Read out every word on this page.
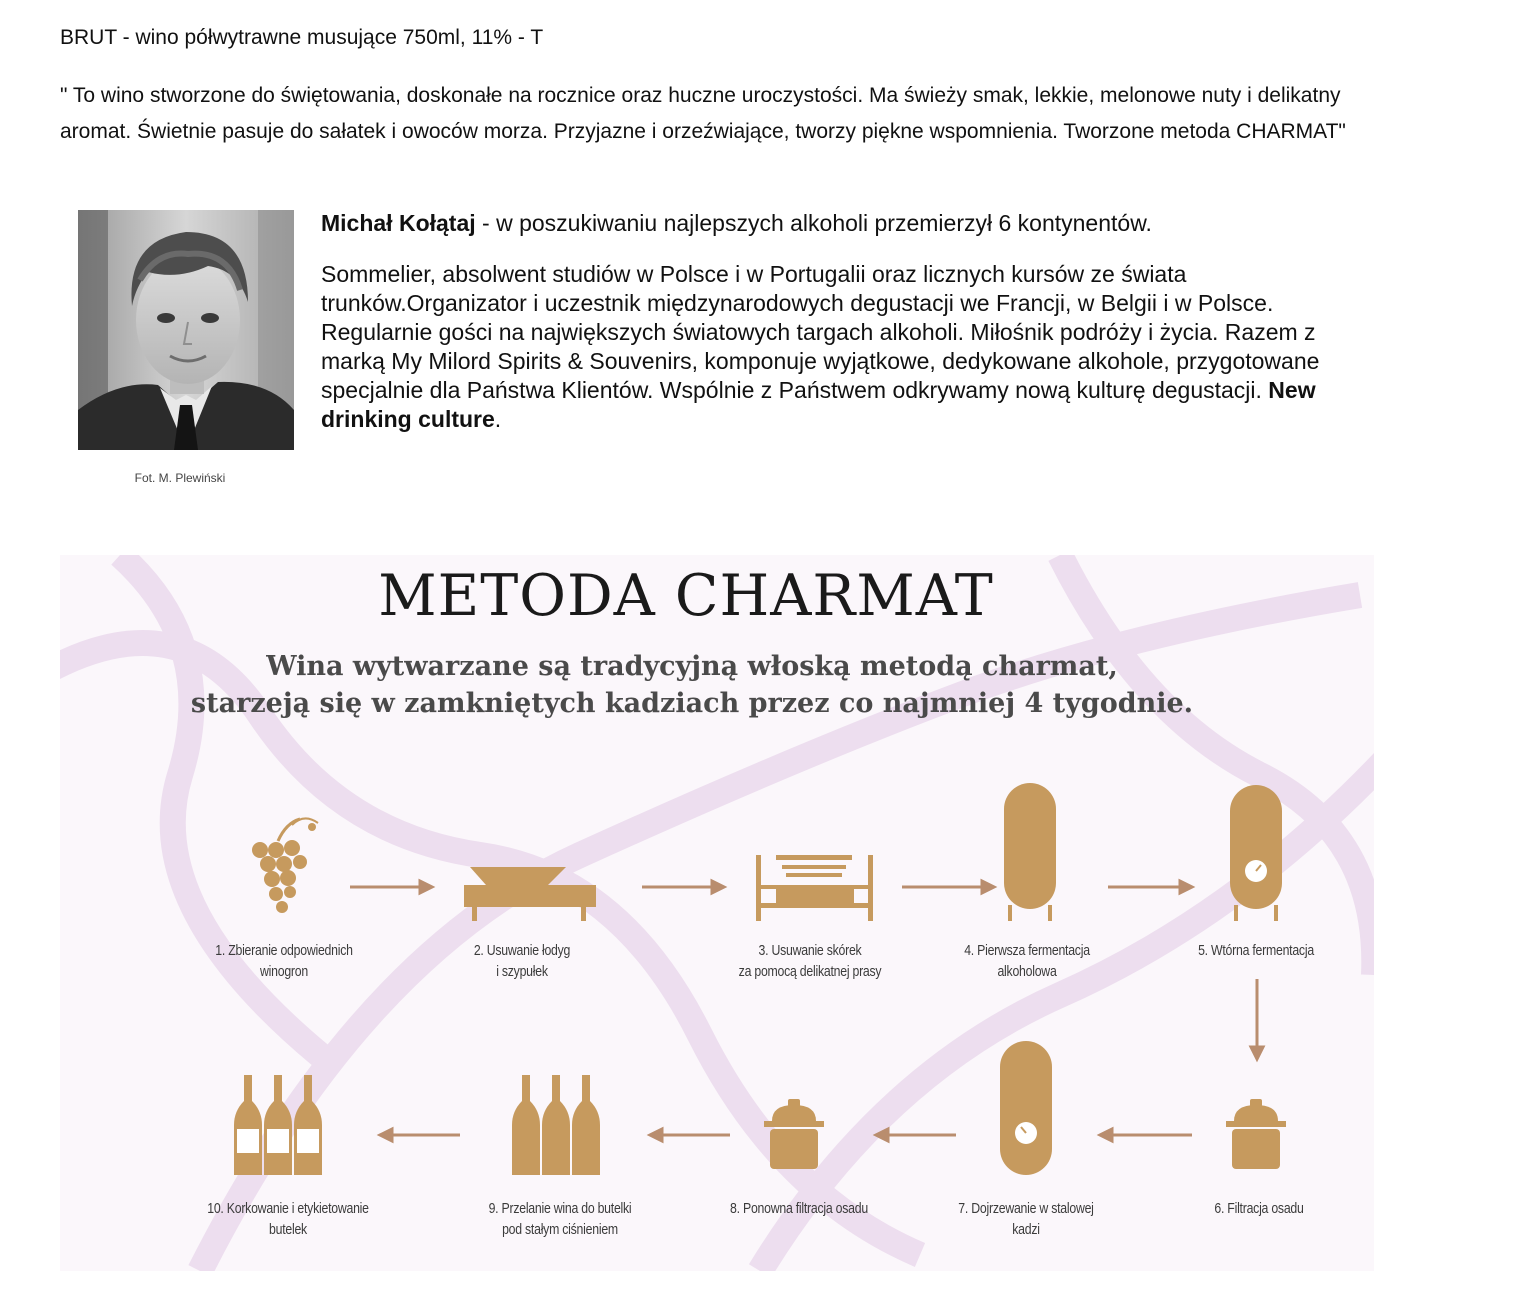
BRUT - wino półwytrawne musujące 750ml, 11% - T
" To wino stworzone do świętowania, doskonałe na rocznice oraz huczne uroczystości. Ma świeży smak, lekkie, melonowe nuty i delikatny aromat. Świetnie pasuje do sałatek i owoców morza. Przyjazne i orzeźwiające, tworzy piękne wspomnienia. Tworzone metoda CHARMAT"
Fot. M. Plewiński
Michał Kołątaj - w poszukiwaniu najlepszych alkoholi przemierzył 6 kontynentów.
Sommelier, absolwent studiów w Polsce i w Portugalii oraz licznych kursów ze świata trunków.Organizator i uczestnik międzynarodowych degustacji we Francji, w Belgii i w Polsce. Regularnie gości na największych światowych targach alkoholi. Miłośnik podróży i życia. Razem z marką My Milord Spirits & Souvenirs, komponuje wyjątkowe, dedykowane alkohole, przygotowane specjalnie dla Państwa Klientów. Wspólnie z Państwem odkrywamy nową kulturę degustacji. New drinking culture.
METODA CHARMAT
Wina wytwarzane są tradycyjną włoską metodą charmat,
starzeją się w zamkniętych kadziach przez co najmniej 4 tygodnie.
1. Zbieranie odpowiednich
winogron
2. Usuwanie łodyg
i szypułek
3. Usuwanie skórek
za pomocą delikatnej prasy
4. Pierwsza fermentacja
alkoholowa
5. Wtórna fermentacja
6. Filtracja osadu
7. Dojrzewanie w stalowej
kadzi
8. Ponowna filtracja osadu
9. Przelanie wina do butelki
pod stałym ciśnieniem
10. Korkowanie i etykietowanie
butelek
